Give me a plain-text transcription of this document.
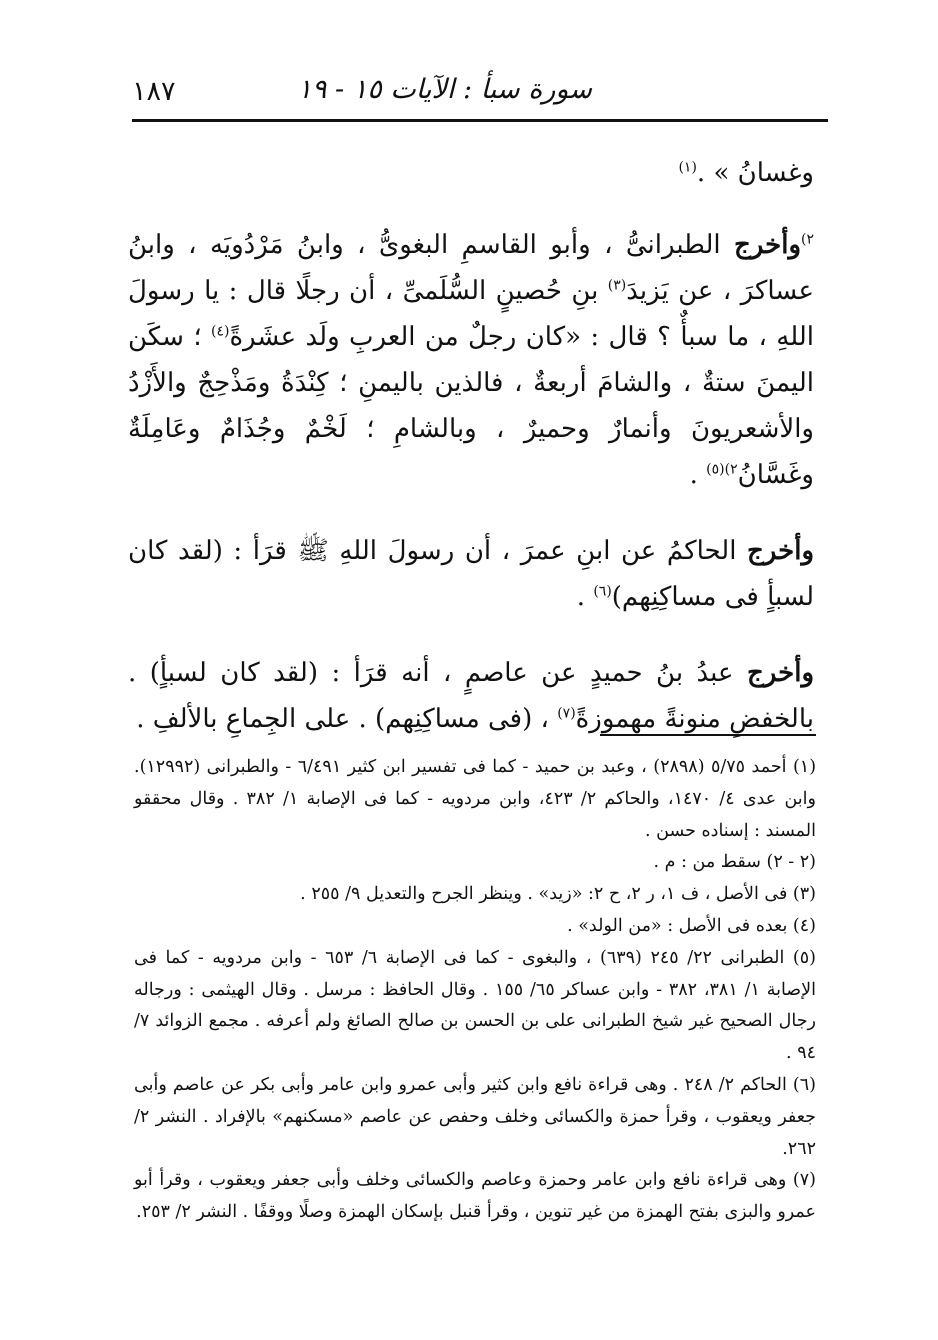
سورة سبأ : الآيات ١٥ - ١٩
١٨٧

وغسانُ » .$^{(١)}$

$^{٢)}$وأخرج الطبرانىُّ ، وأبو القاسمِ البغوىُّ ، وابنُ مَرْدُويَه ، وابنُ عساكرَ ، عن يَزيدَ$^{(٣)}$ بنِ حُصينٍ السُّلَمىِّ ، أن رجلًا قال : يا رسولَ اللهِ ، ما سبأٌ ؟ قال : «كان رجلٌ من العربِ ولَد عشَرةً$^{(٤)}$ ؛ سكَن اليمنَ ستةٌ ، والشامَ أربعةٌ ، فالذين باليمنِ ؛ كِنْدَةُ ومَذْحِجٌ والأَزْدُ والأشعريونَ وأنمارٌ وحميرٌ ، وبالشامِ ؛ لَخْمٌ وجُذَامٌ وعَامِلَةٌ وغَسَّانُ$^{٢)(٥)}$ .

وأخرج الحاكمُ عن ابنِ عمرَ ، أن رسولَ اللهِ ﷺ قرَأ : (لقد كان لسبأٍ فى مساكِنِهم)$^{(٦)}$ .

وأخرج عبدُ بنُ حميدٍ عن عاصمٍ ، أنه قرَأ : (لقد كان لسبأٍ) . بالخفضِ منونةً مهموزةً$^{(٧)}$ ، (فى مساكِنِهم) . على الجِماعِ بالألفِ .

(١) أحمد ٥/٧٥ (٢٨٩٨) ، وعبد بن حميد - كما فى تفسير ابن كثير ٦/٤٩١ - والطبرانى (١٢٩٩٢). وابن عدى ٤/ ١٤٧٠، والحاكم ٢/ ٤٢٣، وابن مردويه - كما فى الإصابة ١/ ٣٨٢ . وقال محققو المسند : إسناده حسن .

(٢ - ٢) سقط من : م .

(٣) فى الأصل ، ف ١، ر ٢، ح ٢: «زيد» . وينظر الجرح والتعديل ٩/ ٢٥٥ .

(٤) بعده فى الأصل : «من الولد» .

(٥) الطبرانى ٢٢/ ٢٤٥ (٦٣٩) ، والبغوى - كما فى الإصابة ٦/ ٦٥٣ - وابن مردويه - كما فى الإصابة ١/ ٣٨١، ٣٨٢ - وابن عساكر ٦٥/ ١٥٥ . وقال الحافظ : مرسل . وقال الهيثمى : ورجاله رجال الصحيح غير شيخ الطبرانى على بن الحسن بن صالح الصائغ ولم أعرفه . مجمع الزوائد ٧/ ٩٤ .

(٦) الحاكم ٢/ ٢٤٨ . وهى قراءة نافع وابن كثير وأبى عمرو وابن عامر وأبى بكر عن عاصم وأبى جعفر ويعقوب ، وقرأ حمزة والكسائى وخلف وحفص عن عاصم «مسكنهم» بالإفراد . النشر ٢/ ٢٦٢.

(٧) وهى قراءة نافع وابن عامر وحمزة وعاصم والكسائى وخلف وأبى جعفر ويعقوب ، وقرأ أبو عمرو والبزى بفتح الهمزة من غير تنوين ، وقرأ قنبل بإسكان الهمزة وصلًا ووقفًا . النشر ٢/ ٢٥٣.
